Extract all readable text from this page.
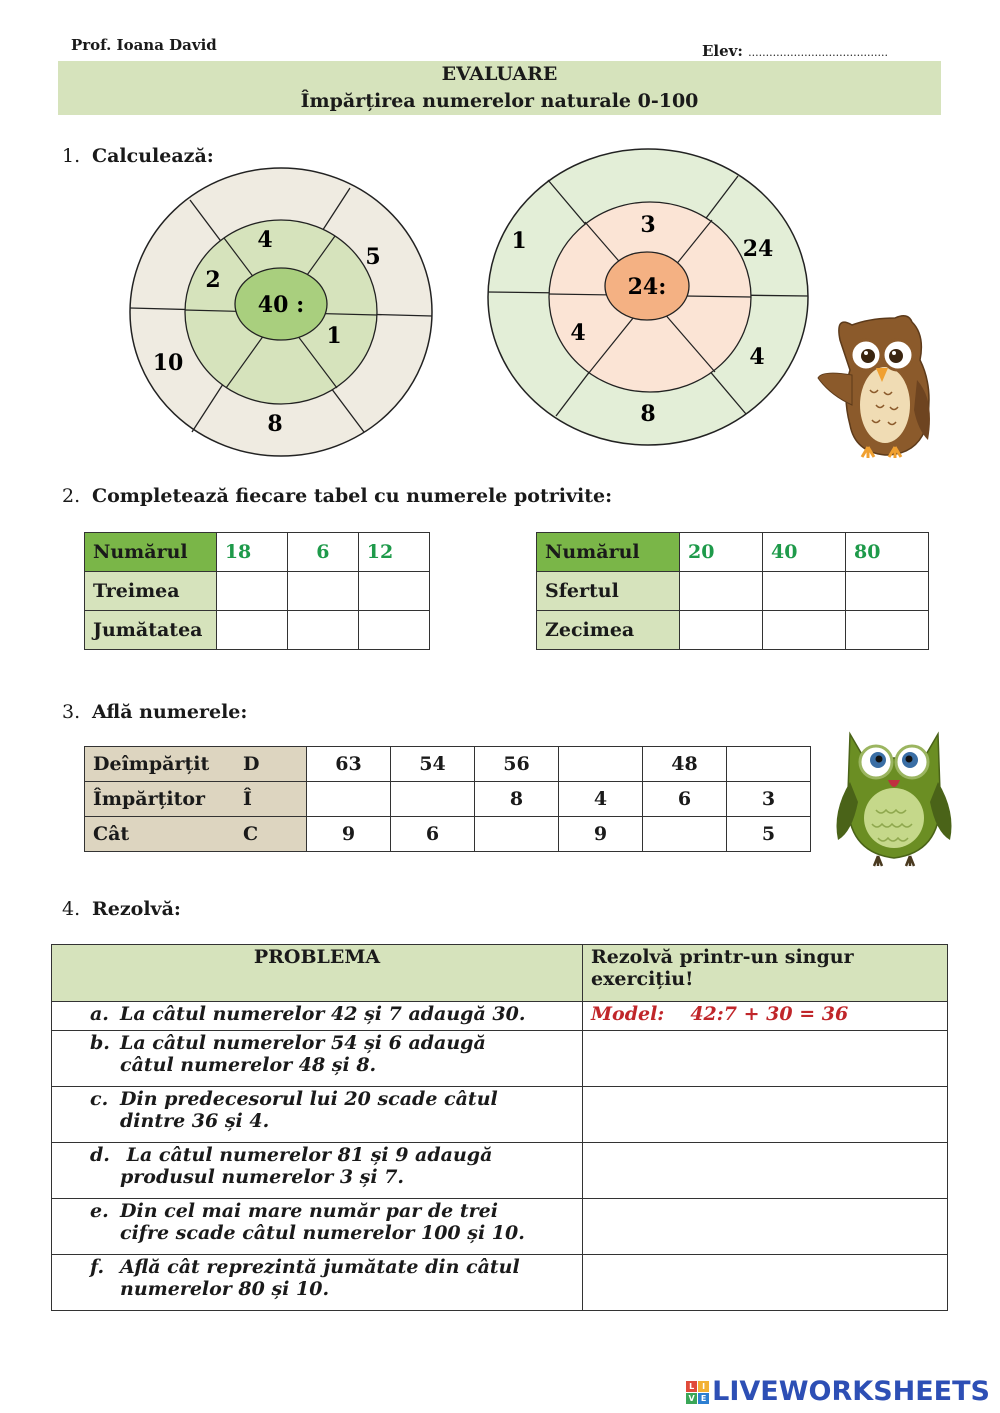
Prof. Ioana David	Elev: ........................................
EVALUARE
Împărțirea numerelor naturale 0-100
1. Calculează:
40 :
4
2
1
5
10
8
24:
3
4
1	24
4
8
2. Completează fiecare tabel cu numerele potrivite:
Numărul	18	6	12
Treimea			
Jumătatea			
Numărul	20	40	80
Sfertul			
Zecimea			
3. Află numerele:
Deîmpărțit D	63	54	56		48	
Împărțitor Î			8	4	6	3
Cât C	9	6		9		5
4. Rezolvă:
PROBLEMA	Rezolvă printr-un singur exercițiu!
a. La câtul numerelor 42 și 7 adaugă 30.	Model: 42:7 + 30 = 36
b. La câtul numerelor 54 și 6 adaugă
câtul numerelor 48 și 8.	
c. Din predecesorul lui 20 scade câtul
dintre 36 și 4.	
d. La câtul numerelor 81 și 9 adaugă
produsul numerelor 3 și 7.	
e. Din cel mai mare număr par de trei
cifre scade câtul numerelor 100 și 10.	
f. Află cât reprezintă jumătate din câtul
numerelor 80 și 10.	
L I
V E LIVEWORKSHEETS
